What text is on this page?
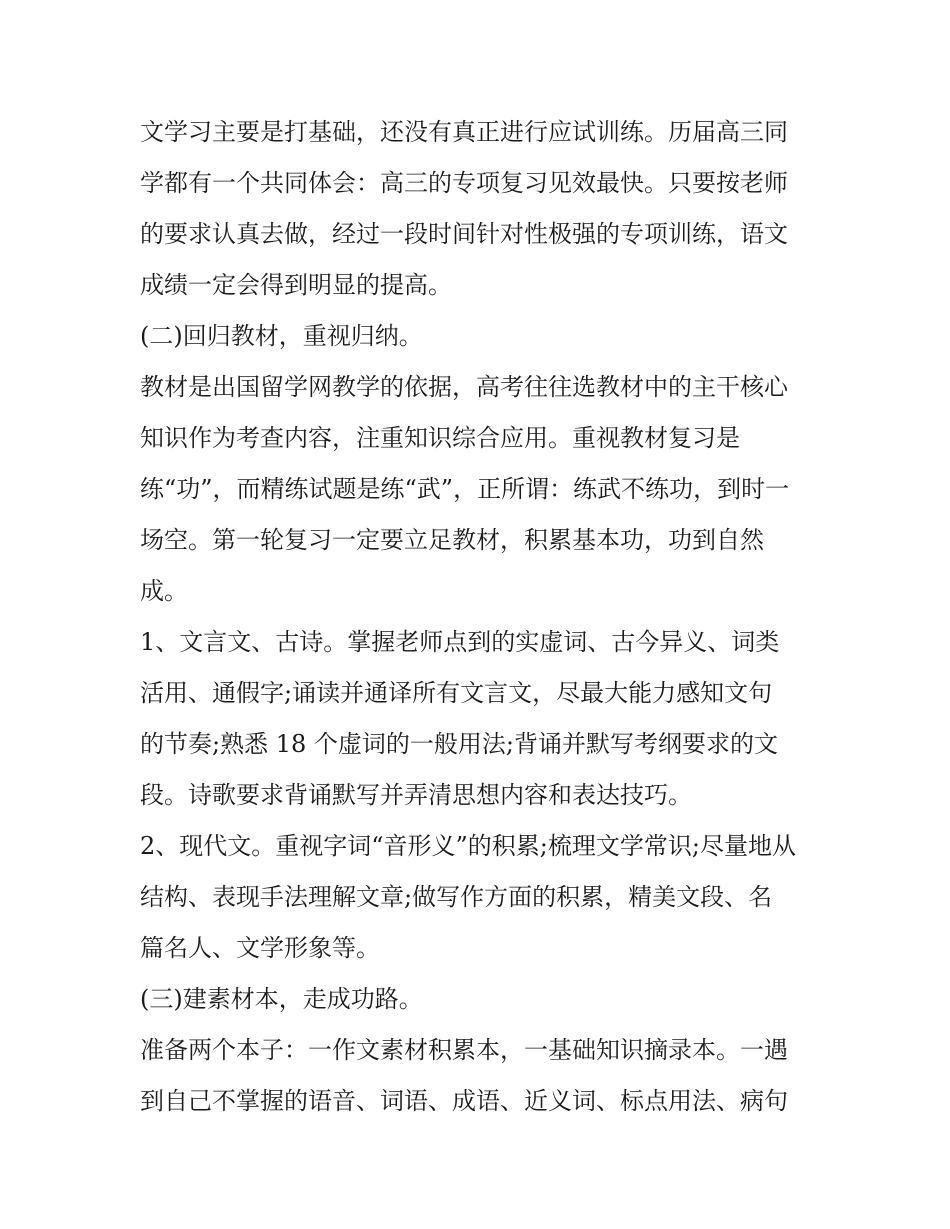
文学习主要是打基础，还没有真正进行应试训练。历届高三同
学都有一个共同体会：高三的专项复习见效最快。只要按老师
的要求认真去做，经过一段时间针对性极强的专项训练，语文
成绩一定会得到明显的提高。
(二)回归教材，重视归纳。
教材是出国留学网教学的依据，高考往往选教材中的主干核心
知识作为考查内容，注重知识综合应用。重视教材复习是
练“功”，而精练试题是练“武”，正所谓：练武不练功，到时一
场空。第一轮复习一定要立足教材，积累基本功，功到自然
成。
1、文言文、古诗。掌握老师点到的实虚词、古今异义、词类
活用、通假字;诵读并通译所有文言文，尽最大能力感知文句
的节奏;熟悉 18 个虚词的一般用法;背诵并默写考纲要求的文
段。诗歌要求背诵默写并弄清思想内容和表达技巧。
2、现代文。重视字词“音形义”的积累;梳理文学常识;尽量地从
结构、表现手法理解文章;做写作方面的积累，精美文段、名
篇名人、文学形象等。
(三)建素材本，走成功路。
准备两个本子：一作文素材积累本，一基础知识摘录本。一遇
到自己不掌握的语音、词语、成语、近义词、标点用法、病句
